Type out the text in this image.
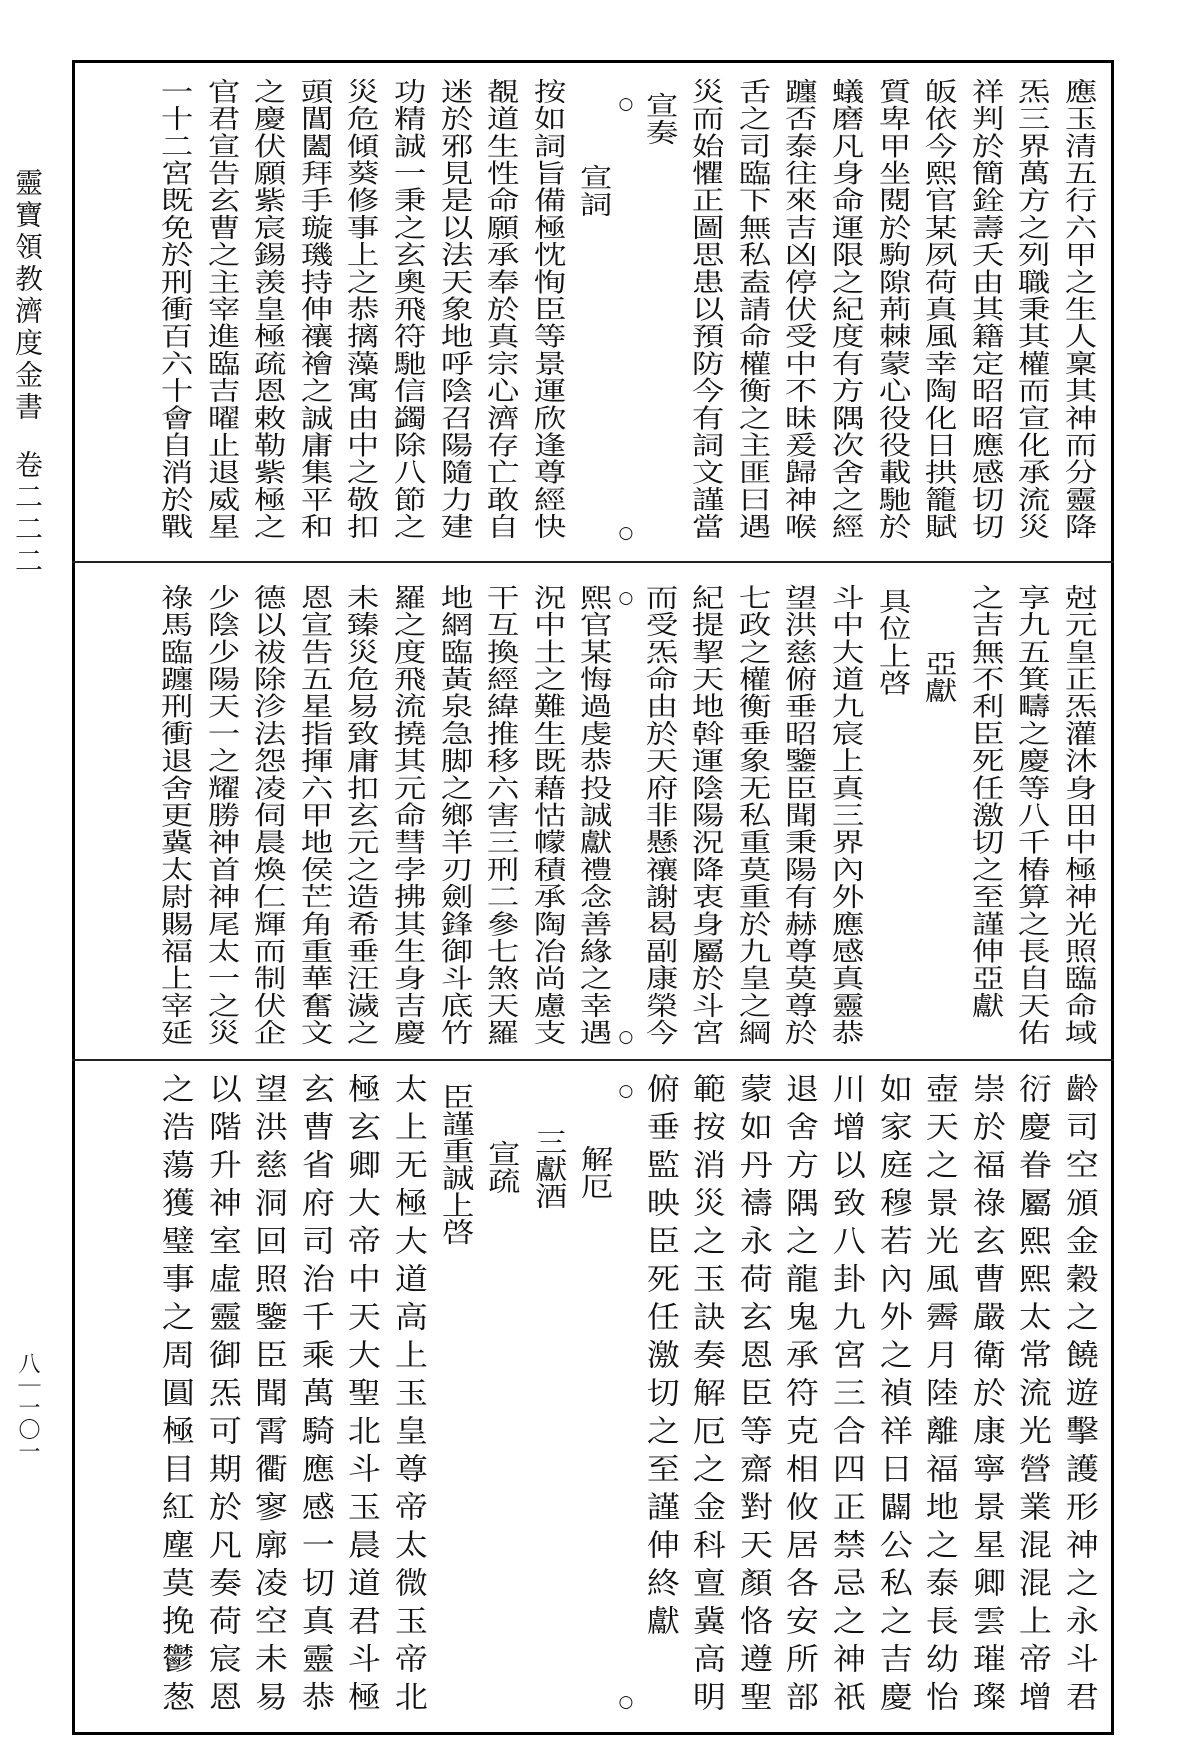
靈寶領教濟度金書卷二二二
八｜一〇一
應玉清五行六甲之生人稟其神而分靈降
炁三界萬方之列職秉其權而宣化承流災
祥判於簡銓壽夭由其籍定昭昭應感切切
皈依今熙官某夙荷真風幸陶化日拱籠賦
質卑甲坐閱於駒隙荊棘蒙心役役載馳於
蟻磨凡身命運限之紀度有方隅次舍之經
躔否泰往來吉凶停伏受中不昧爰歸神喉
舌之司臨下無私盍請命權衡之主匪曰遇
災而始懼正圖思患以預防今有詞文謹當
宣奏
○
○
宣詞
按如詞旨備極忱恂臣等景運欣逢尊經快
覩道生性命願承奉於真宗心濟存亡敢自
迷於邪見是以法天象地呼陰召陽隨力建
功精誠一秉之玄奧飛符馳信蠲除八節之
災危傾葵修事上之恭摛藻寓由中之敬扣
頭閶闔拜手璇璣持伸禳禬之誠庸集平和
之慶伏願紫宸錫羡皇極疏恩敕勒紫極之
官君宣告玄曹之主宰進臨吉曜止退威星
一十二宮既免於刑衝百六十會自消於戰
尅元皇正炁灌沐身田中極神光照臨命域
享九五箕疇之慶等八千椿算之長自天佑
之吉無不利臣死任激切之至謹伸亞獻
亞獻
具位上啓
斗中大道九宸上真三界內外應感真靈恭
望洪慈俯垂昭鑒臣聞秉陽有赫尊莫尊於
七政之權衡垂象无私重莫重於九皇之綱
紀提挈天地斡運陰陽況降衷身屬於斗宮
而受炁命由於天府非懸禳謝曷副康榮今
○
○
熙官某悔過虔恭投誠獻禮念善緣之幸遇
況中土之難生既藉怙幪積承陶冶尚慮支
干互換經緯推移六害三刑二參七煞天羅
地網臨黃泉急脚之鄉羊刃劍鋒御斗底竹
羅之度飛流撓其元命彗孛拂其生身吉慶
未臻災危易致庸扣玄元之造希垂汪濊之
恩宣告五星指揮六甲地侯芒角重華奮文
德以祓除沴法怨凌伺晨煥仁輝而制伏企
少陰少陽天一之耀勝神首神尾太一之災
祿馬臨躔刑衝退舍更冀太尉賜福上宰延
齡司空頒金穀之饒遊擊護形神之永斗君
衍慶眷屬熙熙太常流光營業混混上帝增
崇於福祿玄曹嚴衛於康寧景星卿雲璀璨
壺天之景光風霽月陸離福地之泰長幼怡
如家庭穆若內外之禎祥日闢公私之吉慶
川增以致八卦九宮三合四正禁忌之神祇
退舍方隅之龍鬼承符克相攸居各安所部
蒙如丹禱永荷玄恩臣等齋對天顏恪遵聖
範按消災之玉訣奏解厄之金科亶冀高明
俯垂監映臣死任激切之至謹伸終獻
○
○
解厄
三獻酒
宣疏
臣謹重誠上啓
太上无極大道高上玉皇尊帝太微玉帝北
極玄卿大帝中天大聖北斗玉晨道君斗極
玄曹省府司治千乘萬騎應感一切真靈恭
望洪慈洞回照鑒臣聞霄衢寥廓凌空未易
以階升神室虛靈御炁可期於凡奏荷宸恩
之浩蕩獲璧事之周圓極目紅塵莫挽鬱葱
